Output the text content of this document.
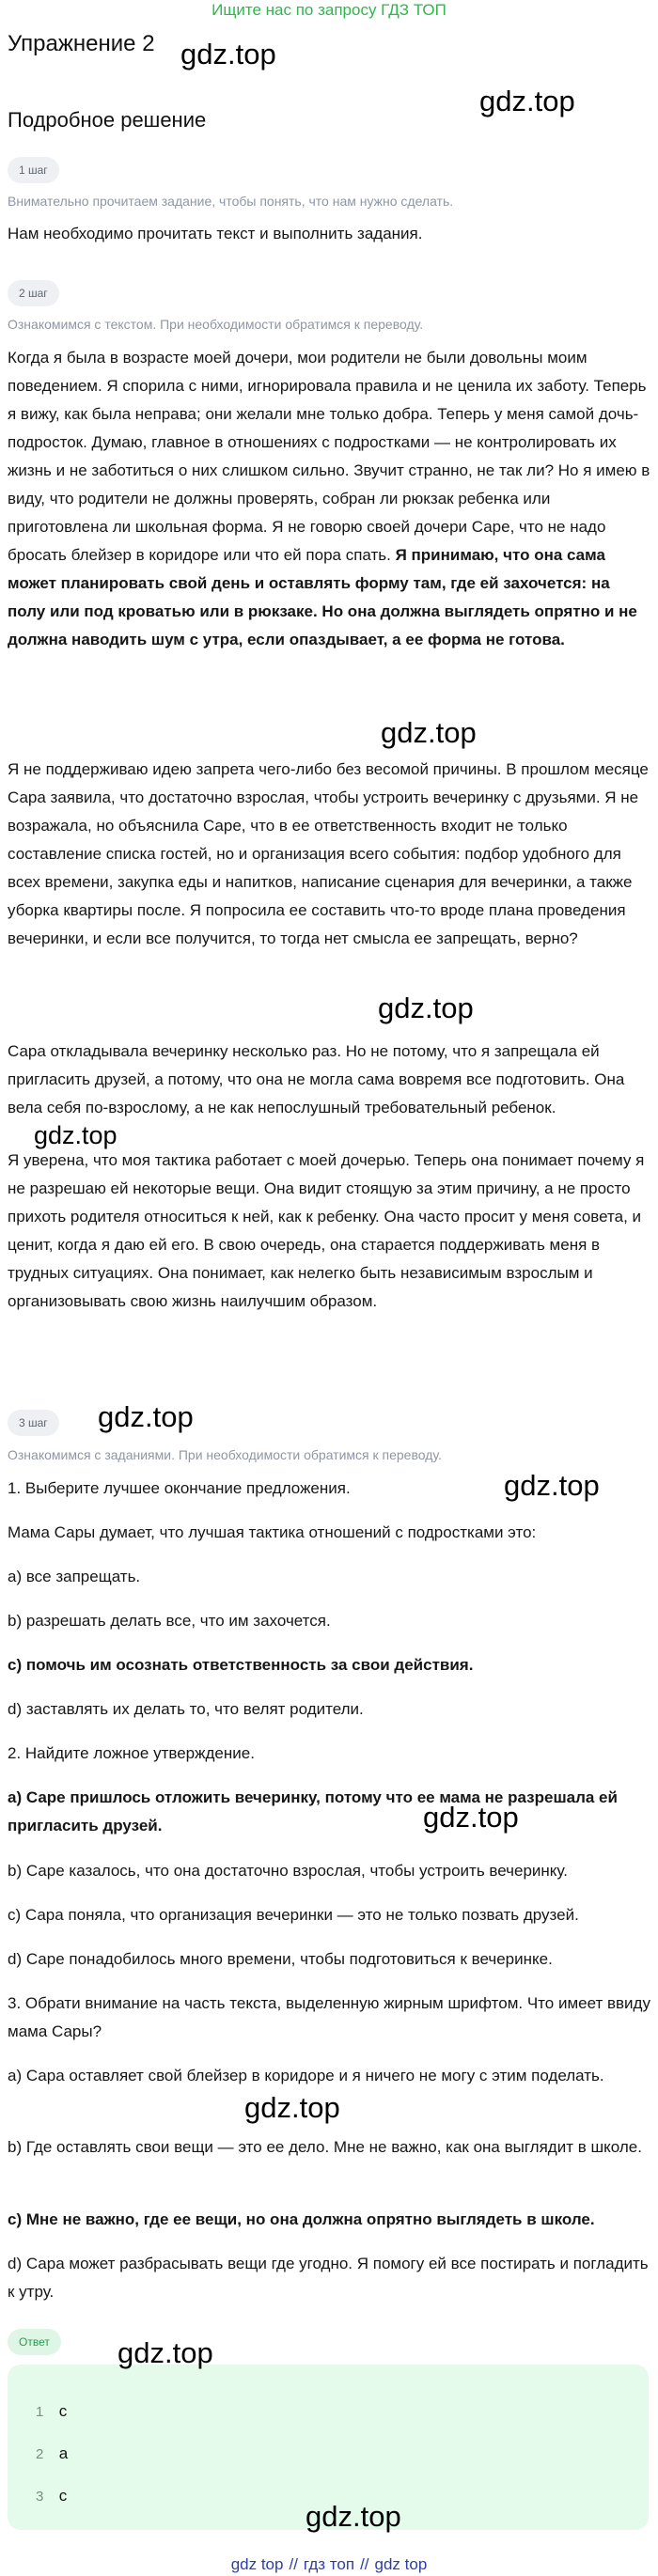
Ищите нас по запросу ГДЗ ТОП
Упражнение 2
Подробное решение
1 шаг
Внимательно прочитаем задание, чтобы понять, что нам нужно сделать.

Нам необходимо прочитать текст и выполнить задания.

2 шаг
Ознакомимся с текстом. При необходимости обратимся к переводу.

Когда я была в возрасте моей дочери, мои родители не были довольны моим поведением. Я спорила с ними, игнорировала правила и не ценила их заботу. Теперь я вижу, как была неправа; они желали мне только добра. Теперь у меня самой дочь-подросток. Думаю, главное в отношениях с подростками — не контролировать их жизнь и не заботиться о них слишком сильно. Звучит странно, не так ли? Но я имею в виду, что родители не должны проверять, собран ли рюкзак ребенка или приготовлена ли школьная форма. Я не говорю своей дочери Саре, что не надо бросать блейзер в коридоре или что ей пора спать. Я принимаю, что она сама может планировать свой день и оставлять форму там, где ей захочется: на полу или под кроватью или в рюкзаке. Но она должна выглядеть опрятно и не должна наводить шум с утра, если опаздывает, а ее форма не готова.

Я не поддерживаю идею запрета чего-либо без весомой причины. В прошлом месяце Сара заявила, что достаточно взрослая, чтобы устроить вечеринку с друзьями. Я не возражала, но объяснила Саре, что в ее ответственность входит не только составление списка гостей, но и организация всего события: подбор удобного для всех времени, закупка еды и напитков, написание сценария для вечеринки, а также уборка квартиры после. Я попросила ее составить что-то вроде плана проведения вечеринки, и если все получится, то тогда нет смысла ее запрещать, верно?

Сара откладывала вечеринку несколько раз. Но не потому, что я запрещала ей пригласить друзей, а потому, что она не могла сама вовремя все подготовить. Она вела себя по-взрослому, а не как непослушный требовательный ребенок.

Я уверена, что моя тактика работает с моей дочерью. Теперь она понимает почему я не разрешаю ей некоторые вещи. Она видит стоящую за этим причину, а не просто прихоть родителя относиться к ней, как к ребенку. Она часто просит у меня совета, и ценит, когда я даю ей его. В свою очередь, она старается поддерживать меня в трудных ситуациях. Она понимает, как нелегко быть независимым взрослым и организовывать свою жизнь наилучшим образом.

3 шаг
Ознакомимся с заданиями. При необходимости обратимся к переводу.

1. Выберите лучшее окончание предложения.

Мама Сары думает, что лучшая тактика отношений с подростками это:

а) все запрещать.

b) разрешать делать все, что им захочется.

c) помочь им осознать ответственность за свои действия.

d) заставлять их делать то, что велят родители.

2. Найдите ложное утверждение.

а) Саре пришлось отложить вечеринку, потому что ее мама не разрешала ей пригласить друзей.

b) Саре казалось, что она достаточно взрослая, чтобы устроить вечеринку.

c) Сара поняла, что организация вечеринки — это не только позвать друзей.

d) Саре понадобилось много времени, чтобы подготовиться к вечеринке.

3. Обрати внимание на часть текста, выделенную жирным шрифтом. Что имеет ввиду мама Сары?

а) Сара оставляет свой блейзер в коридоре и я ничего не могу с этим поделать.

b) Где оставлять свои вещи — это ее дело. Мне не важно, как она выглядит в школе.

c) Мне не важно, где ее вещи, но она должна опрятно выглядеть в школе.

d) Сара может разбрасывать вещи где угодно. Я помогу ей все постирать и погладить к утру.

Ответ
1 c
2 a
3 c
gdz.top
gdz.top
gdz.top
gdz.top
gdz.top
gdz.top
gdz.top
gdz.top
gdz.top
gdz.top
gdz.top
gdz top // гдз топ // gdz top
